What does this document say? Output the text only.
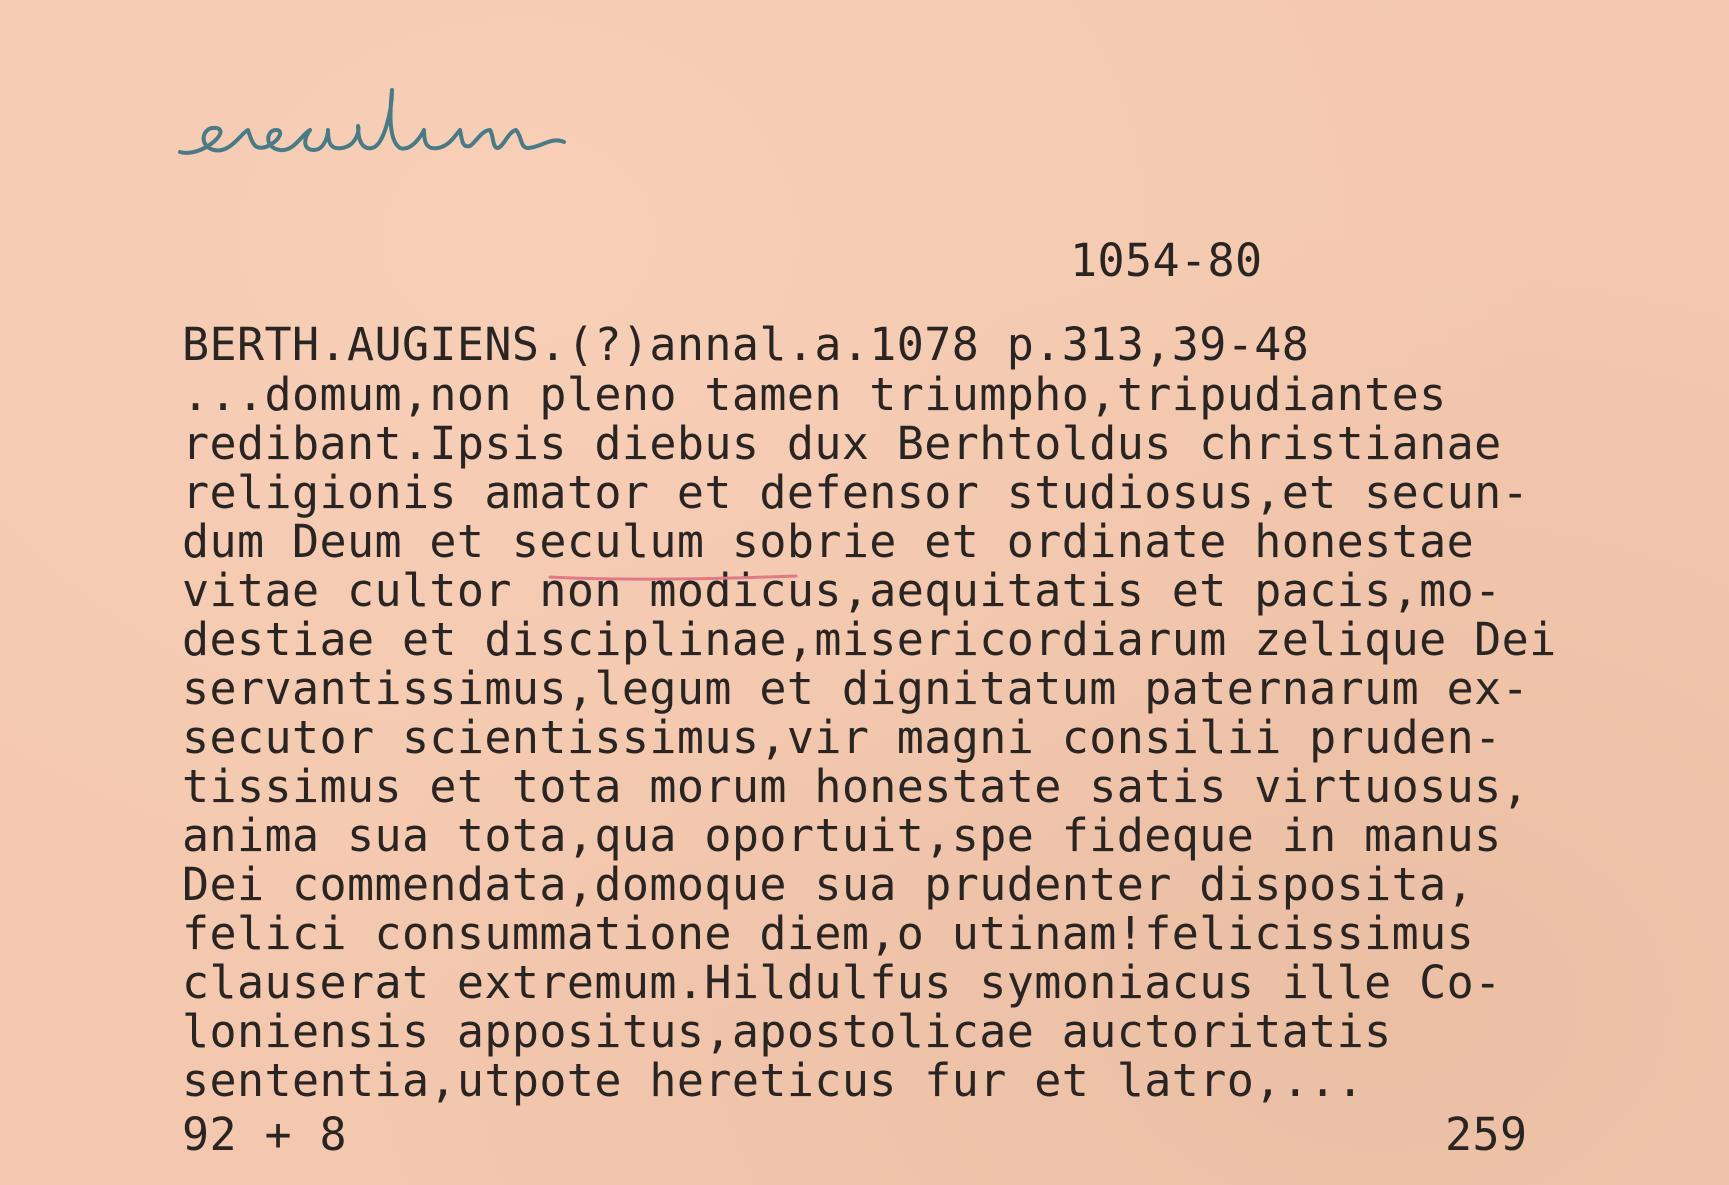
1054-80
BERTH.AUGIENS.(?)annal.a.1078 p.313,39-48
...domum,non pleno tamen triumpho,tripudiantes
redibant.Ipsis diebus dux Berhtoldus christianae
religionis amator et defensor studiosus,et secun-
dum Deum et seculum sobrie et ordinate honestae
vitae cultor non modicus,aequitatis et pacis,mo-
destiae et disciplinae,misericordiarum zelique Dei
servantissimus,legum et dignitatum paternarum ex-
secutor scientissimus,vir magni consilii pruden-
tissimus et tota morum honestate satis virtuosus,
anima sua tota,qua oportuit,spe fideque in manus
Dei commendata,domoque sua prudenter disposita,
felici consummatione diem,o utinam!felicissimus
clauserat extremum.Hildulfus symoniacus ille Co-
loniensis appositus,apostolicae auctoritatis
sententia,utpote hereticus fur et latro,...
92 + 8	259
